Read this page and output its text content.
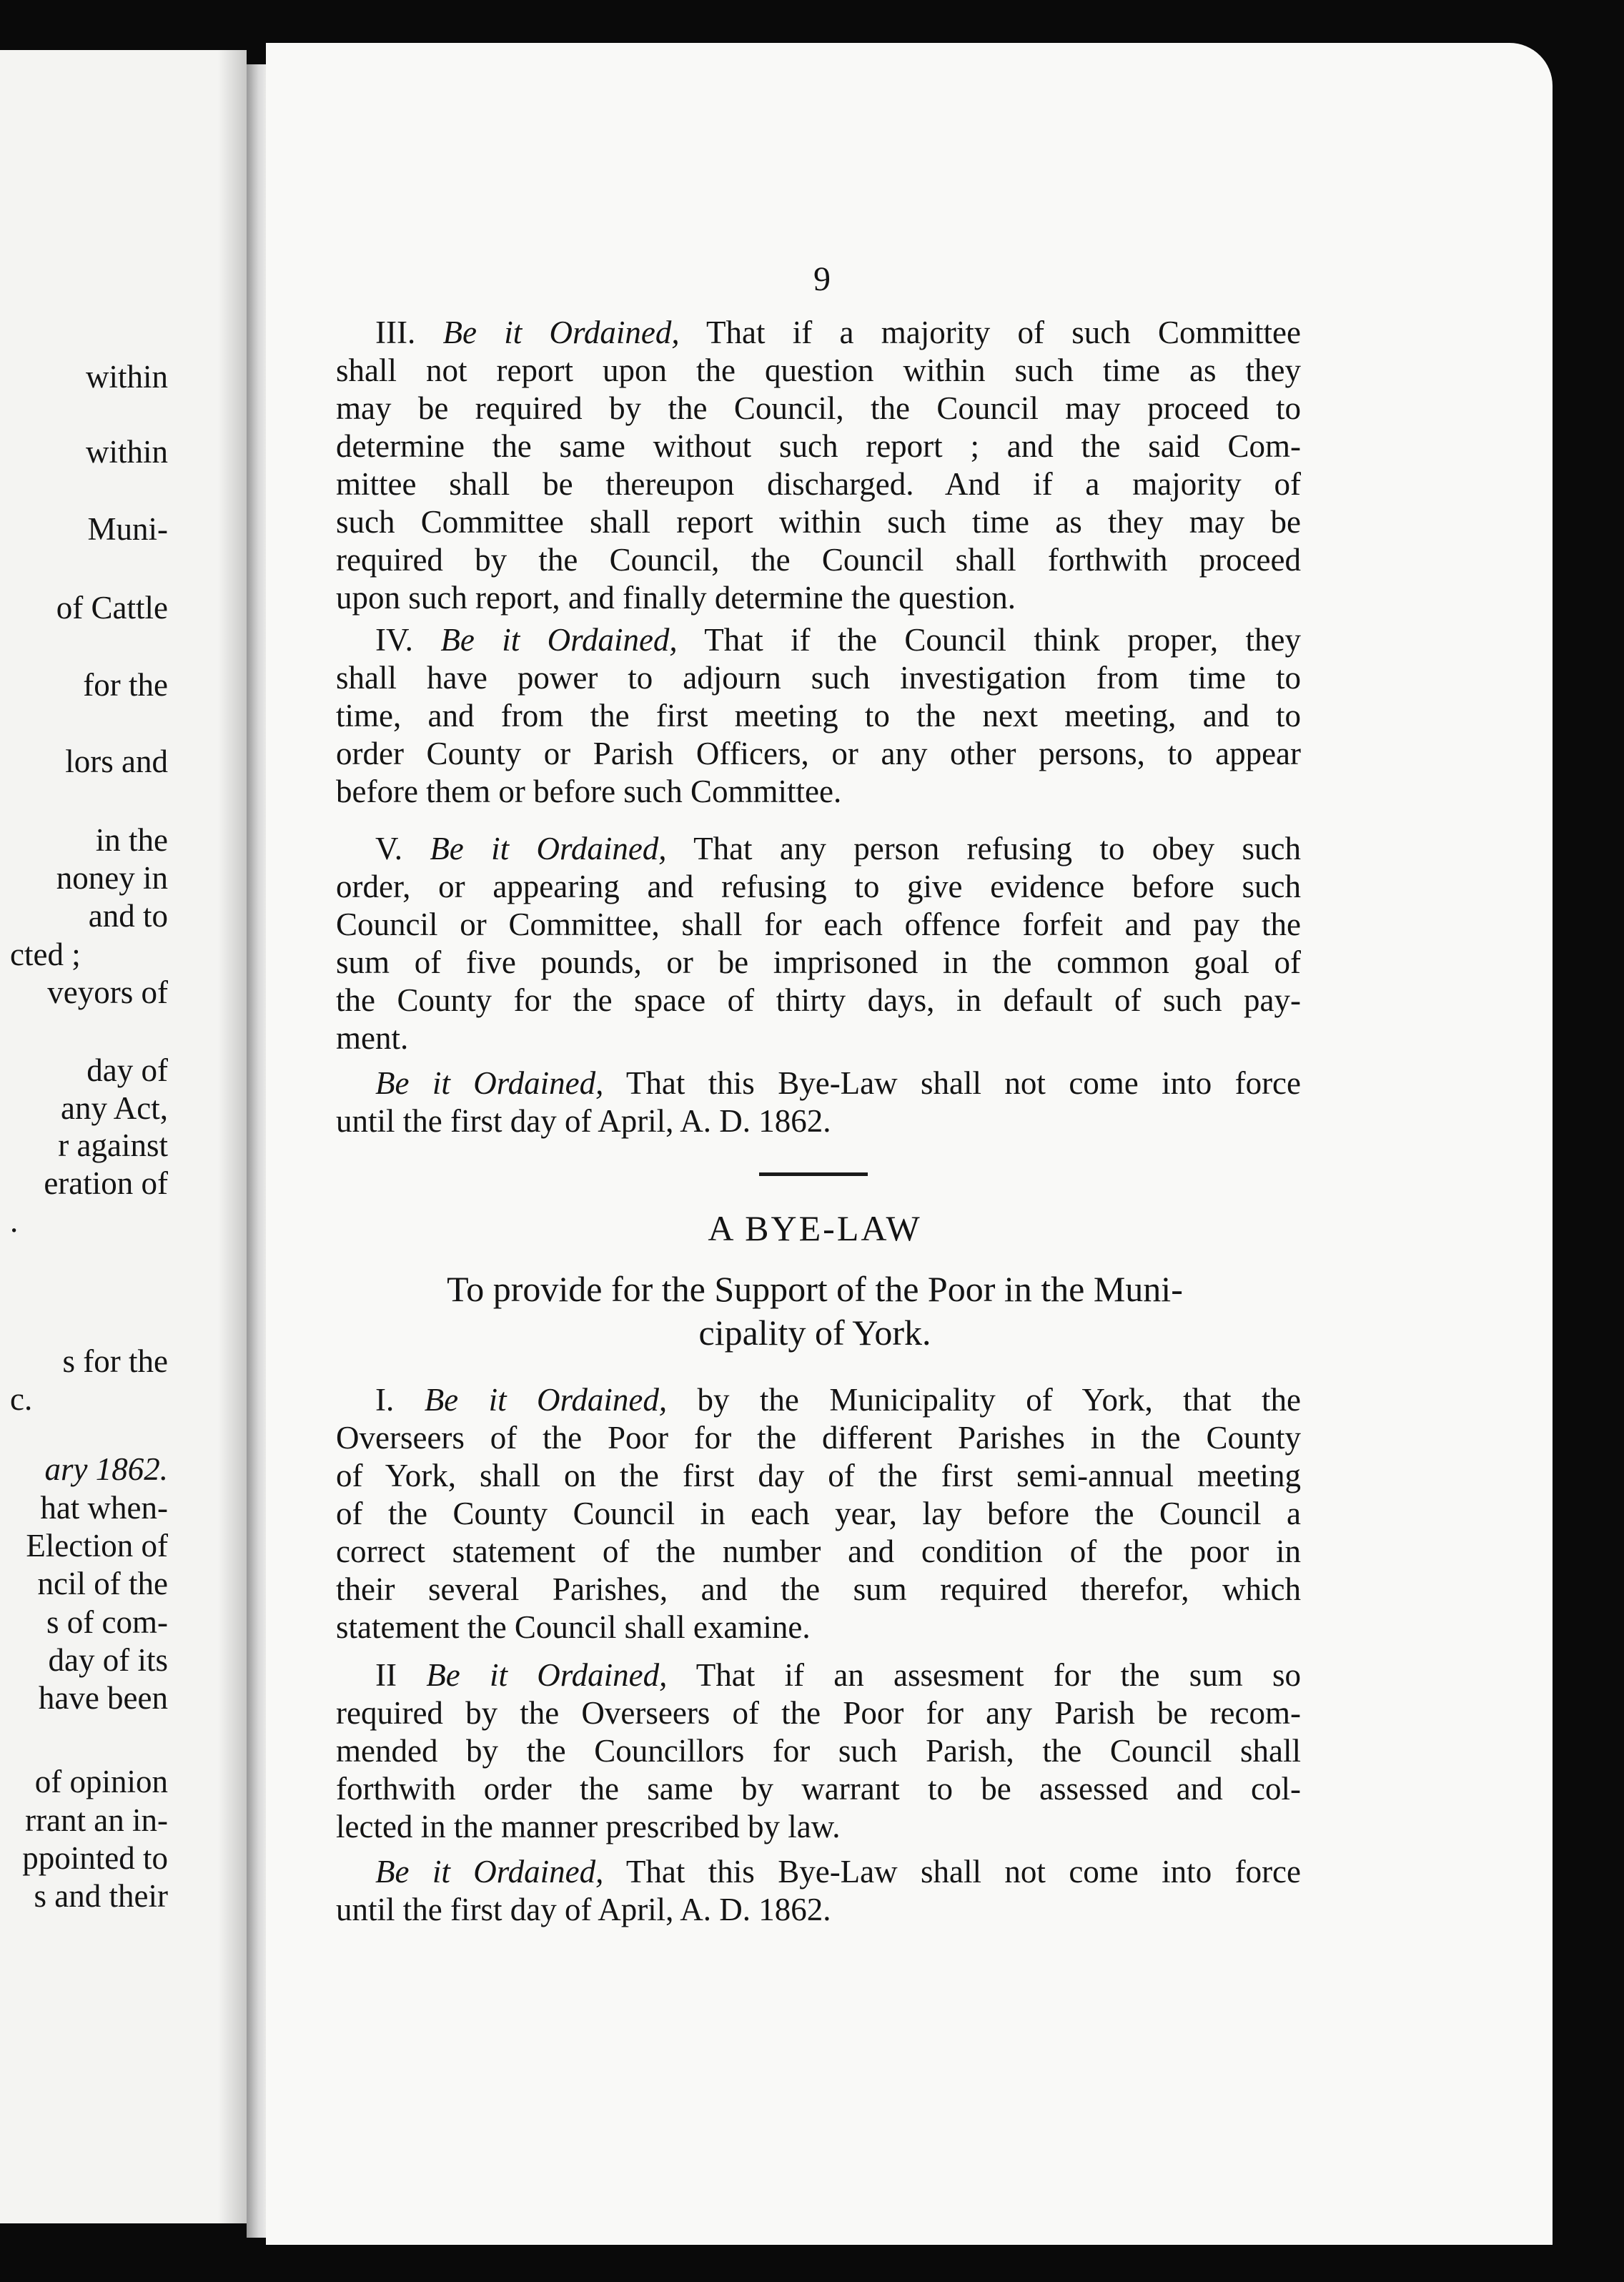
within
within
Muni-
of Cattle
for the
lors and
in the
noney in
and to
cted ;
veyors of
day of
any Act,
r against
eration of
.
s for the
c.
ary 1862.
hat when-
Election of
ncil of the
s of com-
day of its
have been
of opinion
rrant an in-
ppointed to
s and their
9
III. Be it Ordained, That if a majority of such Committee
shall not report upon the question within such time as they
may be required by the Council, the Council may proceed to
determine the same without such report ; and the said Com-
mittee shall be thereupon discharged. And if a majority of
such Committee shall report within such time as they may be
required by the Council, the Council shall forthwith proceed
upon such report, and finally determine the question.
IV. Be it Ordained, That if the Council think proper, they
shall have power to adjourn such investigation from time to
time, and from the first meeting to the next meeting, and to
order County or Parish Officers, or any other persons, to appear
before them or before such Committee.
V. Be it Ordained, That any person refusing to obey such
order, or appearing and refusing to give evidence before such
Council or Committee, shall for each offence forfeit and pay the
sum of five pounds, or be imprisoned in the common goal of
the County for the space of thirty days, in default of such pay-
ment.
Be it Ordained, That this Bye-Law shall not come into force
until the first day of April, A. D. 1862.
A BYE-LAW
To provide for the Support of the Poor in the Muni-
cipality of York.
I. Be it Ordained, by the Municipality of York, that the
Overseers of the Poor for the different Parishes in the County
of York, shall on the first day of the first semi-annual meeting
of the County Council in each year, lay before the Council a
correct statement of the number and condition of the poor in
their several Parishes, and the sum required therefor, which
statement the Council shall examine.
II Be it Ordained, That if an assesment for the sum so
required by the Overseers of the Poor for any Parish be recom-
mended by the Councillors for such Parish, the Council shall
forthwith order the same by warrant to be assessed and col-
lected in the manner prescribed by law.
Be it Ordained, That this Bye-Law shall not come into force
until the first day of April, A. D. 1862.
